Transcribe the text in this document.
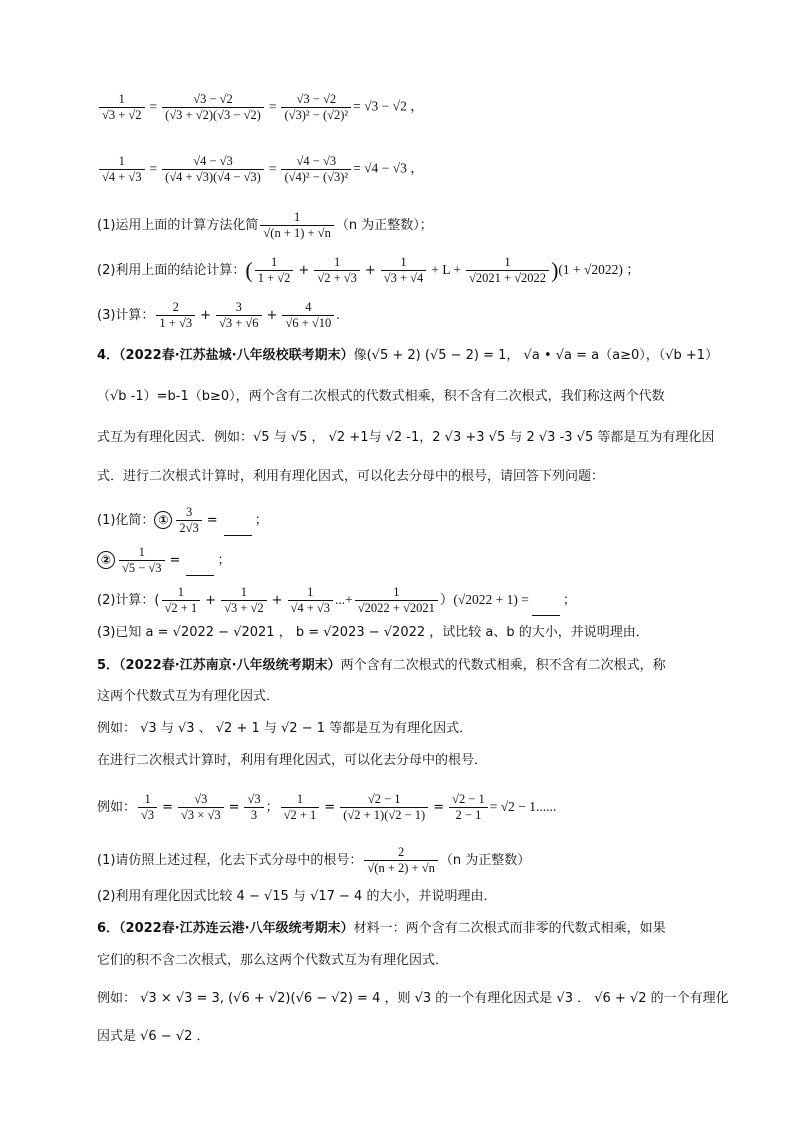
$\frac{1}{√3 + √2} = \frac{√3 - √2}{(√3 + √2)(√3 - √2)} = \frac{√3 - √2}{\text{(√3)² − (√2)²}} = √3 - √2$ ，
$\frac{1}{√4 + √3} = \frac{√4 - √3}{(√4 + √3)(√4 - √3)} = \frac{√4 - √3}{\text{(√4)² − (√3)²}} = √4 - √3$ ，
(1)运用上面的计算方法化简 $\frac{1}{√(n + 1) + √n} (n$ 为正整数）；
(2)利用上面的结论计算：( $\frac{1}{1 + √2} + \frac{1}{√2 + √3} + \frac{1}{√3 + √4} + L + \frac{1}{√2021 + √2022} )(1 + √2022)$ ；
(3)计算： $\frac{2}{1 + √3} + \frac{3}{√3 + √6} + \frac{4}{√6 + √10}$ .
4．（2022春·江苏盐城·八年级校联考期末）像(√5 + 2) (√5 − 2) = 1， √a • √a = a（a≥0），（√b +1）
（√b -1）=b-1（b≥0），两个含有二次根式的代数式相乘，积不含有二次根式，我们称这两个代数
式互为有理化因式．例如：√5 与 √5 ， √2 +1与 √2 -1，2 √3 +3 √5 与 2 √3 -3 √5 等都是互为有理化因
式．进行二次根式计算时，利用有理化因式，可以化去分母中的根号，请回答下列问题：
(1)化简： ① $\frac{3}{2√3}$ =	；
② $\frac{1}{√5 - √3}$ =	；
(2)计算：( $\frac{1}{√2 + 1} + \frac{1}{√3 + √2} + \frac{1}{√4 + √3}$ ...+ $\frac{1}{√2022 + √2021} )(√2022 + 1)$ =	；
(3)已知 a = √2022 − √2021 ， b = √2023 − √2022 ，试比较 a、b 的大小，并说明理由．
5．（2022春·江苏南京·八年级统考期末）两个含有二次根式的代数式相乘，积不含有二次根式，称
这两个代数式互为有理化因式．
例如： √3 与 √3 、 √2 + 1 与 √2 − 1 等都是互为有理化因式．
在进行二次根式计算时，利用有理化因式，可以化去分母中的根号．
例如： $\frac{1}{√3} = \frac{√3}{√3 \times √3} = \frac{√3}{3}$ ； $\frac{1}{√2 + 1} = \frac{√2 - 1}{(√2 + 1)(√2 - 1)} = \frac{√2 - 1}{2 - 1} = √2 - 1$......
(1)请仿照上述过程，化去下式分母中的根号： $\frac{2}{√(n + 2) + √n} (n$ 为正整数）
(2)利用有理化因式比较 4 − √15 与 √17 − 4 的大小，并说明理由．
6．（2022春·江苏连云港·八年级统考期末）材料一：两个含有二次根式而非零的代数式相乘，如果
它们的积不含二次根式，那么这两个代数式互为有理化因式．
例如： √3 × √3 = 3, (√6 + √2)(√6 − √2) = 4 ，则 √3 的一个有理化因式是 √3 ． √6 + √2 的一个有理化
因式是 √6 − √2 ．
